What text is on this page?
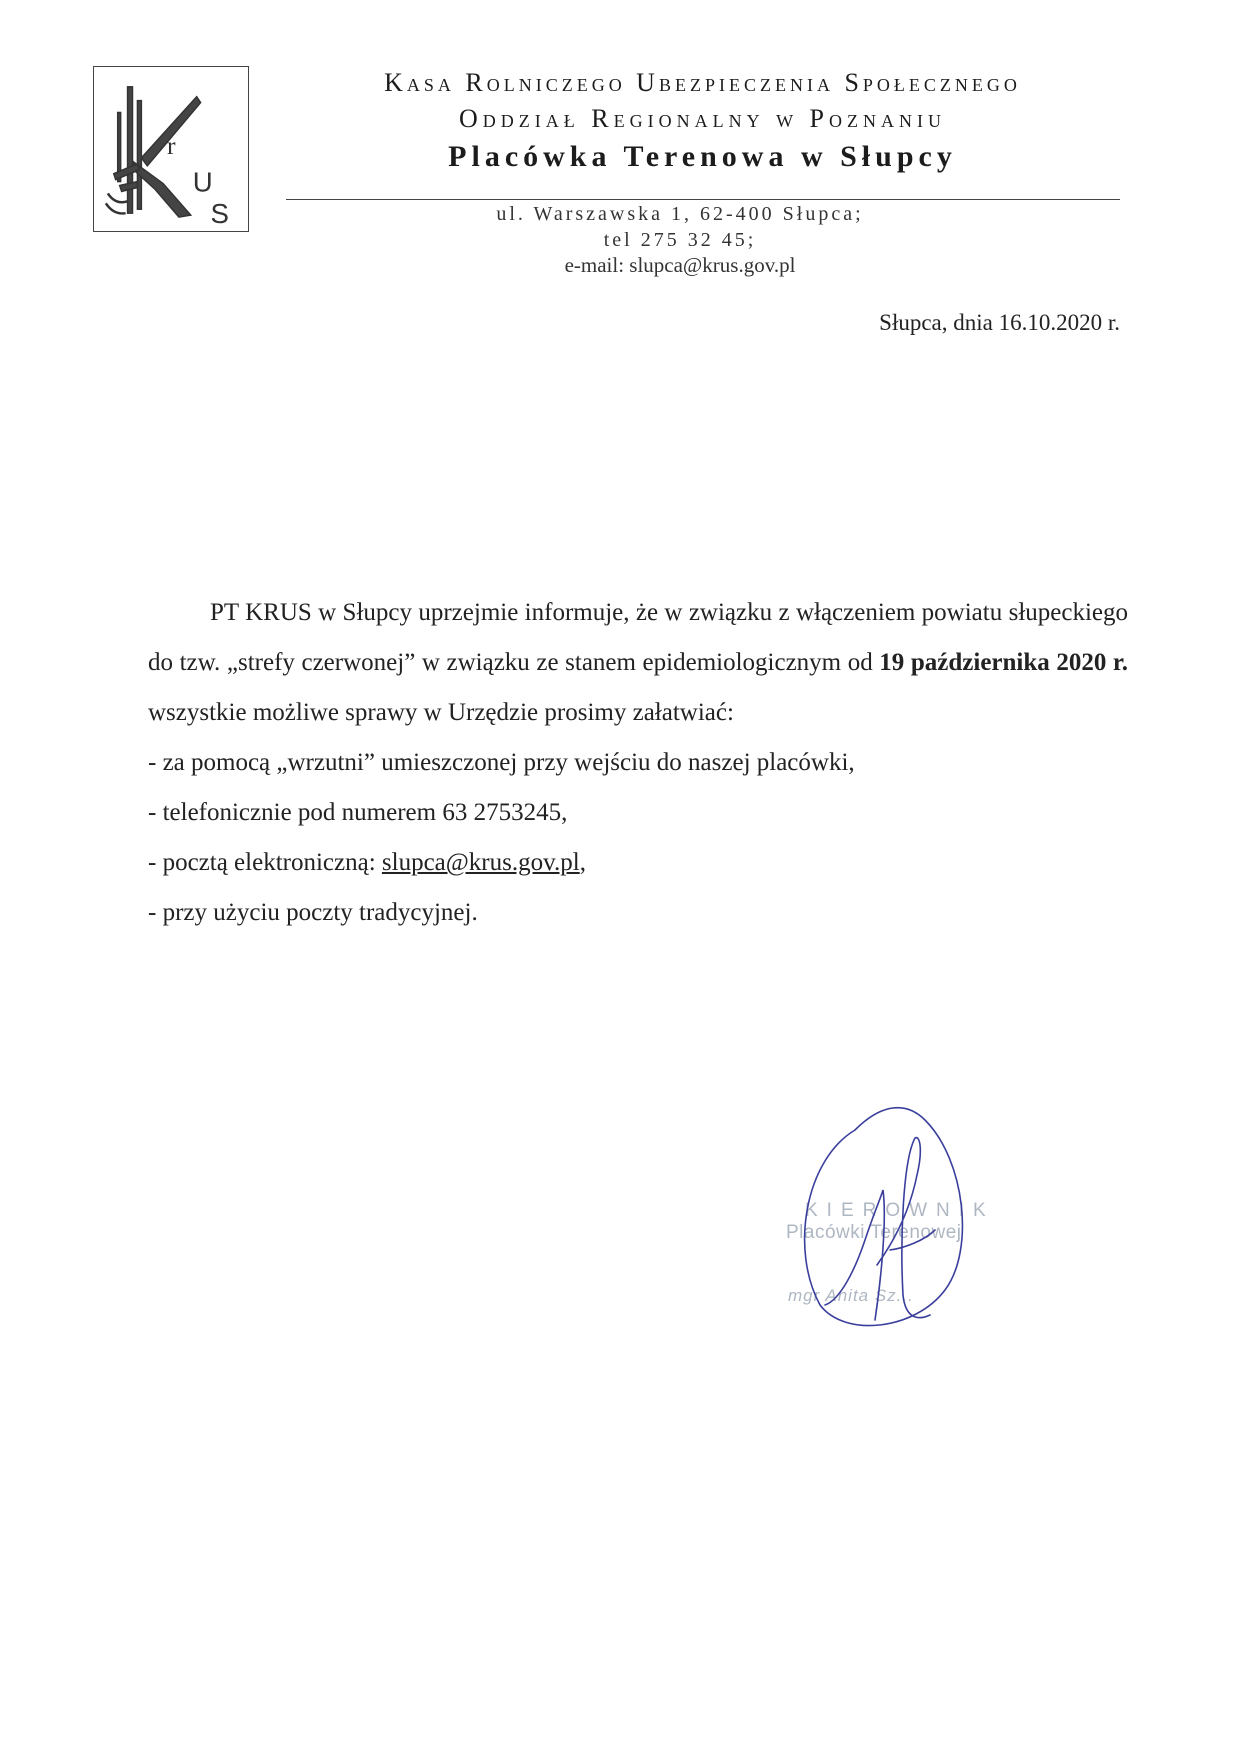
r
U
S
Kasa Rolniczego Ubezpieczenia Społecznego
Oddział Regionalny w Poznaniu
Placówka Terenowa w Słupcy
ul. Warszawska 1, 62-400 Słupca;
tel 275 32 45;
e-mail: slupca@krus.gov.pl
Słupca, dnia 16.10.2020 r.

PT KRUS w Słupcy uprzejmie informuje, że w związku z włączeniem powiatu słupeckiego do tzw. „strefy czerwonej” w związku ze stanem epidemiologicznym od 19 października 2020 r. wszystkie możliwe sprawy w Urzędzie prosimy załatwiać:

- za pomocą „wrzutni” umieszczonej przy wejściu do naszej placówki,
- telefonicznie pod numerem 63 2753245,
- pocztą elektroniczną: slupca@krus.gov.pl,
- przy użyciu poczty tradycyjnej.
KIEROWNIK
Placówki Terenowej
mgr Anita Sz...
